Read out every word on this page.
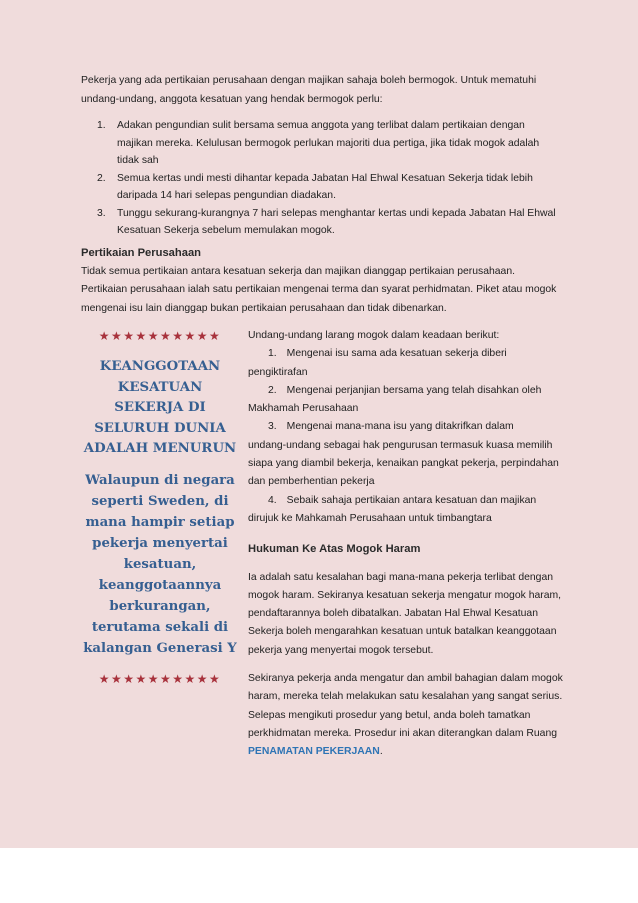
Pekerja yang ada pertikaian perusahaan dengan majikan sahaja boleh bermogok. Untuk mematuhi undang-undang, anggota kesatuan yang hendak bermogok perlu:

1. Adakan pengundian sulit bersama semua anggota yang terlibat dalam pertikaian dengan majikan mereka. Kelulusan bermogok perlukan majoriti dua pertiga, jika tidak mogok adalah tidak sah
2. Semua kertas undi mesti dihantar kepada Jabatan Hal Ehwal Kesatuan Sekerja tidak lebih daripada 14 hari selepas pengundian diadakan.
3. Tunggu sekurang-kurangnya 7 hari selepas menghantar kertas undi kepada Jabatan Hal Ehwal Kesatuan Sekerja sebelum memulakan mogok.
Pertikaian Perusahaan

Tidak semua pertikaian antara kesatuan sekerja dan majikan dianggap pertikaian perusahaan. Pertikaian perusahaan ialah satu pertikaian mengenai terma dan syarat perhidmatan. Piket atau mogok mengenai isu lain dianggap bukan pertikaian perusahaan dan tidak dibenarkan.

★★★★★★★★★★
KEANGGOTAAN KESATUAN SEKERJA DI SELURUH DUNIA ADALAH MENURUN
Walaupun di negara seperti Sweden, di mana hampir setiap pekerja menyertai kesatuan, keanggotaannya berkurangan, terutama sekali di kalangan Generasi Y
★★★★★★★★★★

Undang-undang larang mogok dalam keadaan berikut:

1. Mengenai isu sama ada kesatuan sekerja diberi

pengiktirafan

2. Mengenai perjanjian bersama yang telah disahkan oleh

Makhamah Perusahaan

3. Mengenai mana-mana isu yang ditakrifkan dalam

undang-undang sebagai hak pengurusan termasuk kuasa memilih siapa yang diambil bekerja, kenaikan pangkat pekerja, perpindahan dan pemberhentian pekerja

4. Sebaik sahaja pertikaian antara kesatuan dan majikan

dirujuk ke Mahkamah Perusahaan untuk timbangtara

Hukuman Ke Atas Mogok Haram

Ia adalah satu kesalahan bagi mana-mana pekerja terlibat dengan mogok haram. Sekiranya kesatuan sekerja mengatur mogok haram, pendaftarannya boleh dibatalkan. Jabatan Hal Ehwal Kesatuan Sekerja boleh mengarahkan kesatuan untuk batalkan keanggotaan pekerja yang menyertai mogok tersebut.

Sekiranya pekerja anda mengatur dan ambil bahagian dalam mogok haram, mereka telah melakukan satu kesalahan yang sangat serius. Selepas mengikuti prosedur yang betul, anda boleh tamatkan perkhidmatan mereka. Prosedur ini akan diterangkan dalam Ruang PENAMATAN PEKERJAAN.
